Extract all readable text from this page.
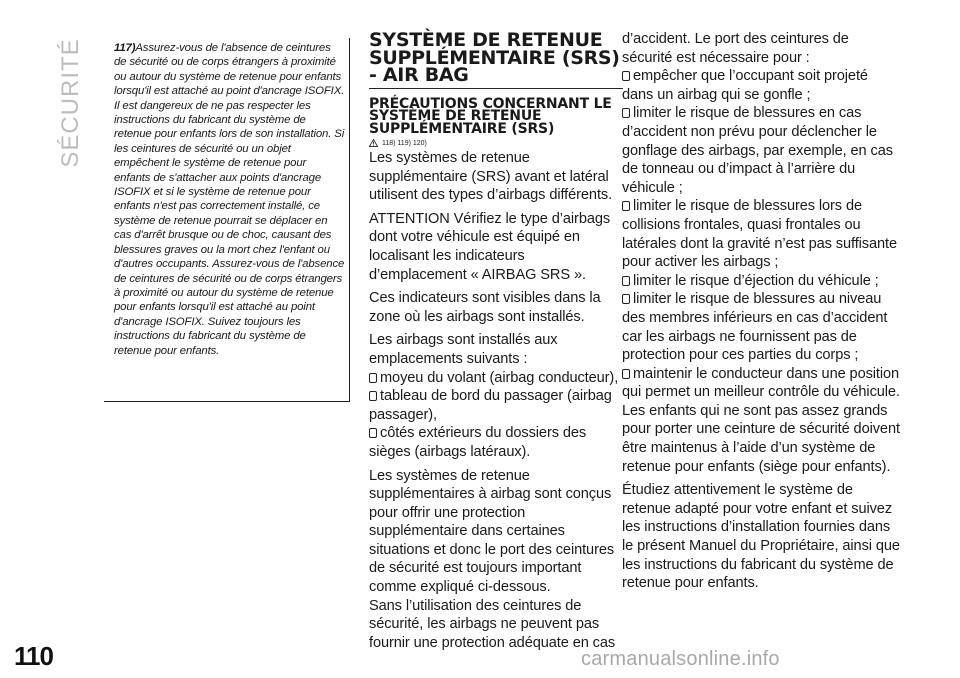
SÉCURITÉ
110

117)Assurez-vous de l'absence de ceintures de sécurité ou de corps étrangers à proximité ou autour du système de retenue pour enfants lorsqu'il est attaché au point d'ancrage ISOFIX. Il est dangereux de ne pas respecter les instructions du fabricant du système de retenue pour enfants lors de son installation. Si les ceintures de sécurité ou un objet empêchent le système de retenue pour enfants de s'attacher aux points d'ancrage ISOFIX et si le système de retenue pour enfants n'est pas correctement installé, ce système de retenue pourrait se déplacer en cas d'arrêt brusque ou de choc, causant des blessures graves ou la mort chez l'enfant ou d'autres occupants. Assurez-vous de l'absence de ceintures de sécurité ou de corps étrangers à proximité ou autour du système de retenue pour enfants lorsqu'il est attaché au point d'ancrage ISOFIX. Suivez toujours les instructions du fabricant du système de retenue pour enfants.

SYSTÈME DE RETENUE SUPPLÉMENTAIRE (SRS) - AIR BAG
PRÉCAUTIONS CONCERNANT LE SYSTÈME DE RETENUE SUPPLÉMENTAIRE (SRS)
118) 119) 120)

Les systèmes de retenue supplémentaire (SRS) avant et latéral utilisent des types d’airbags différents.

ATTENTION Vérifiez le type d’airbags dont votre véhicule est équipé en localisant les indicateurs d’emplacement « AIRBAG SRS ».

Ces indicateurs sont visibles dans la zone où les airbags sont installés.

Les airbags sont installés aux emplacements suivants :

moyeu du volant (airbag conducteur),

tableau de bord du passager (airbag passager),

côtés extérieurs du dossiers des sièges (airbags latéraux).

Les systèmes de retenue supplémentaires à airbag sont conçus pour offrir une protection supplémentaire dans certaines situations et donc le port des ceintures de sécurité est toujours important comme expliqué ci-dessous.

Sans l’utilisation des ceintures de sécurité, les airbags ne peuvent pas fournir une protection adéquate en cas

d’accident. Le port des ceintures de sécurité est nécessaire pour :

empêcher que l’occupant soit projeté dans un airbag qui se gonfle ;

limiter le risque de blessures en cas d’accident non prévu pour déclencher le gonflage des airbags, par exemple, en cas de tonneau ou d’impact à l’arrière du véhicule ;

limiter le risque de blessures lors de collisions frontales, quasi frontales ou latérales dont la gravité n’est pas suffisante pour activer les airbags ;

limiter le risque d’éjection du véhicule ;

limiter le risque de blessures au niveau des membres inférieurs en cas d’accident car les airbags ne fournissent pas de protection pour ces parties du corps ;

maintenir le conducteur dans une position qui permet un meilleur contrôle du véhicule.

Les enfants qui ne sont pas assez grands pour porter une ceinture de sécurité doivent être maintenus à l’aide d’un système de retenue pour enfants (siège pour enfants).

Étudiez attentivement le système de retenue adapté pour votre enfant et suivez les instructions d’installation fournies dans le présent Manuel du Propriétaire, ainsi que les instructions du fabricant du système de retenue pour enfants.

carmanualsonline.info
